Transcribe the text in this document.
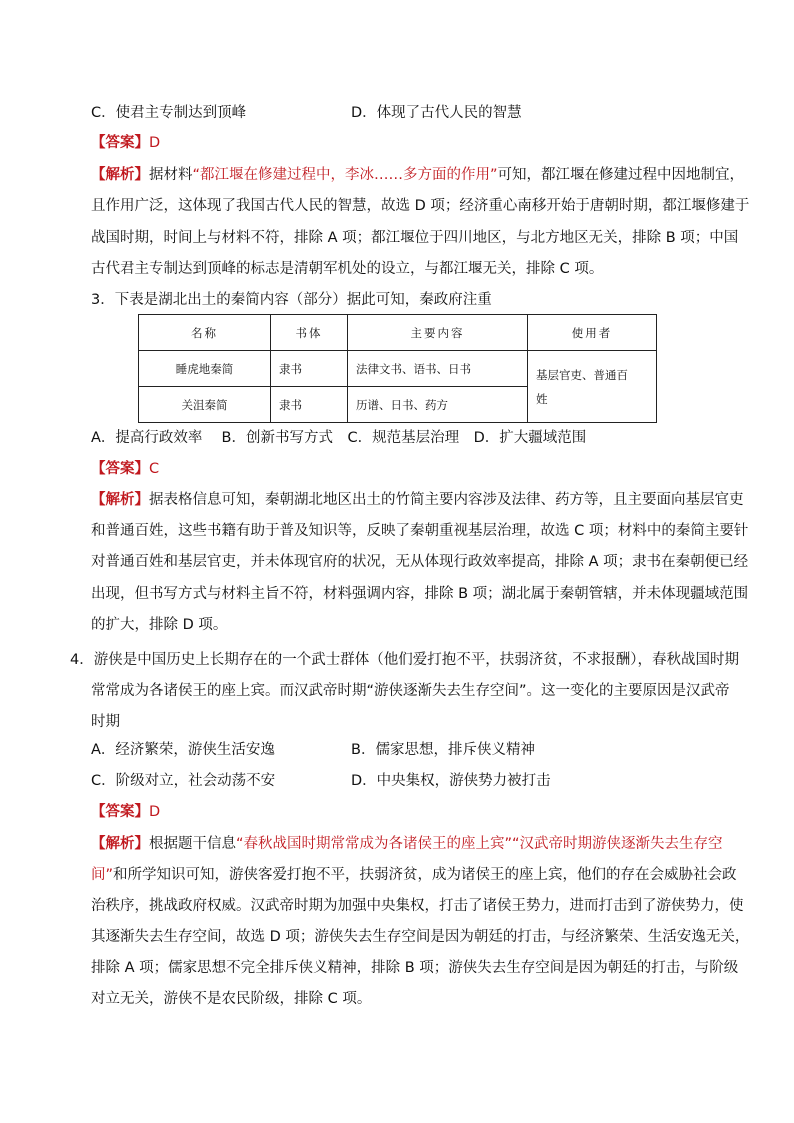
C．使君主专制达到顶峰	D．体现了古代人民的智慧
【答案】D
【解析】据材料“都江堰在修建过程中，李冰……多方面的作用”可知，都江堰在修建过程中因地制宜，
且作用广泛，这体现了我国古代人民的智慧，故选 D 项；经济重心南移开始于唐朝时期，都江堰修建于
战国时期，时间上与材料不符，排除 A 项；都江堰位于四川地区，与北方地区无关，排除 B 项；中国
古代君主专制达到顶峰的标志是清朝军机处的设立，与都江堰无关，排除 C 项。
3．下表是湖北出土的秦简内容（部分）据此可知，秦政府注重
名称	书体	主要内容	使用者
睡虎地秦简	隶书	法律文书、语书、日书	基层官吏、普通百
姓

关沮秦简	隶书	历谱、日书、药方	
A．提高行政效率　 B．创新书写方式　C．规范基层治理　D．扩大疆域范围
【答案】C
【解析】据表格信息可知，秦朝湖北地区出土的竹简主要内容涉及法律、药方等，且主要面向基层官吏
和普通百姓，这些书籍有助于普及知识等，反映了秦朝重视基层治理，故选 C 项；材料中的秦简主要针
对普通百姓和基层官吏，并未体现官府的状况，无从体现行政效率提高，排除 A 项；隶书在秦朝便已经
出现，但书写方式与材料主旨不符，材料强调内容，排除 B 项；湖北属于秦朝管辖，并未体现疆域范围
的扩大，排除 D 项。
4．游侠是中国历史上长期存在的一个武士群体（他们爱打抱不平，扶弱济贫，不求报酬），春秋战国时期
常常成为各诸侯王的座上宾。而汉武帝时期“游侠逐渐失去生存空间”。这一变化的主要原因是汉武帝
时期
A．经济繁荣，游侠生活安逸	B．儒家思想，排斥侠义精神
C．阶级对立，社会动荡不安	D．中央集权，游侠势力被打击
【答案】D
【解析】根据题干信息“春秋战国时期常常成为各诸侯王的座上宾”“汉武帝时期游侠逐渐失去生存空
间”和所学知识可知，游侠客爱打抱不平，扶弱济贫，成为诸侯王的座上宾，他们的存在会威胁社会政
治秩序，挑战政府权威。汉武帝时期为加强中央集权，打击了诸侯王势力，进而打击到了游侠势力，使
其逐渐失去生存空间，故选 D 项；游侠失去生存空间是因为朝廷的打击，与经济繁荣、生活安逸无关，
排除 A 项；儒家思想不完全排斥侠义精神，排除 B 项；游侠失去生存空间是因为朝廷的打击，与阶级
对立无关，游侠不是农民阶级，排除 C 项。
